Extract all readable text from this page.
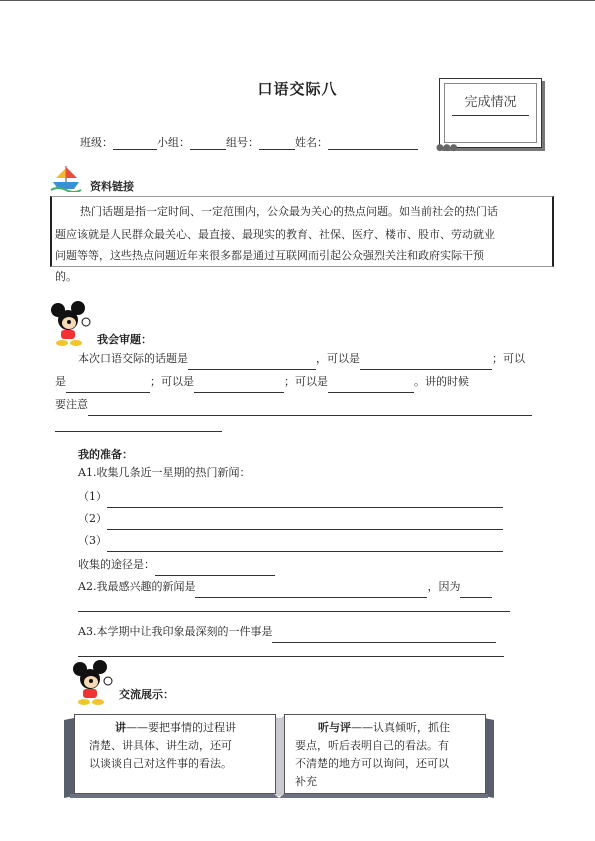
口语交际八
完成情况
●●●
班级：	小组：	组号：	姓名：
资料链接
热门话题是指一定时间、一定范围内，公众最为关心的热点问题。如当前社会的热门话
题应该就是人民群众最关心、最直接、最现实的教育、社保、医疗、楼市、股市、劳动就业
问题等等，这些热点问题近年来很多都是通过互联网而引起公众强烈关注和政府实际干预
的。
我会审题：
本次口语交际的话题是	，可以是	；可以
是	；可以是	；可以是	。讲的时候
要注意
我的准备：
A1.收集几条近一星期的热门新闻：
（1）
（2）
（3）
收集的途径是：
A2.我最感兴趣的新闻是	，因为
A3.本学期中让我印象最深刻的一件事是
交流展示：
讲——要把事情的过程讲
清楚、讲具体、讲生动，还可
以谈谈自己对这件事的看法。
听与评——认真倾听，抓住
要点，听后表明自己的看法。有
不清楚的地方可以询问，还可以
补充
